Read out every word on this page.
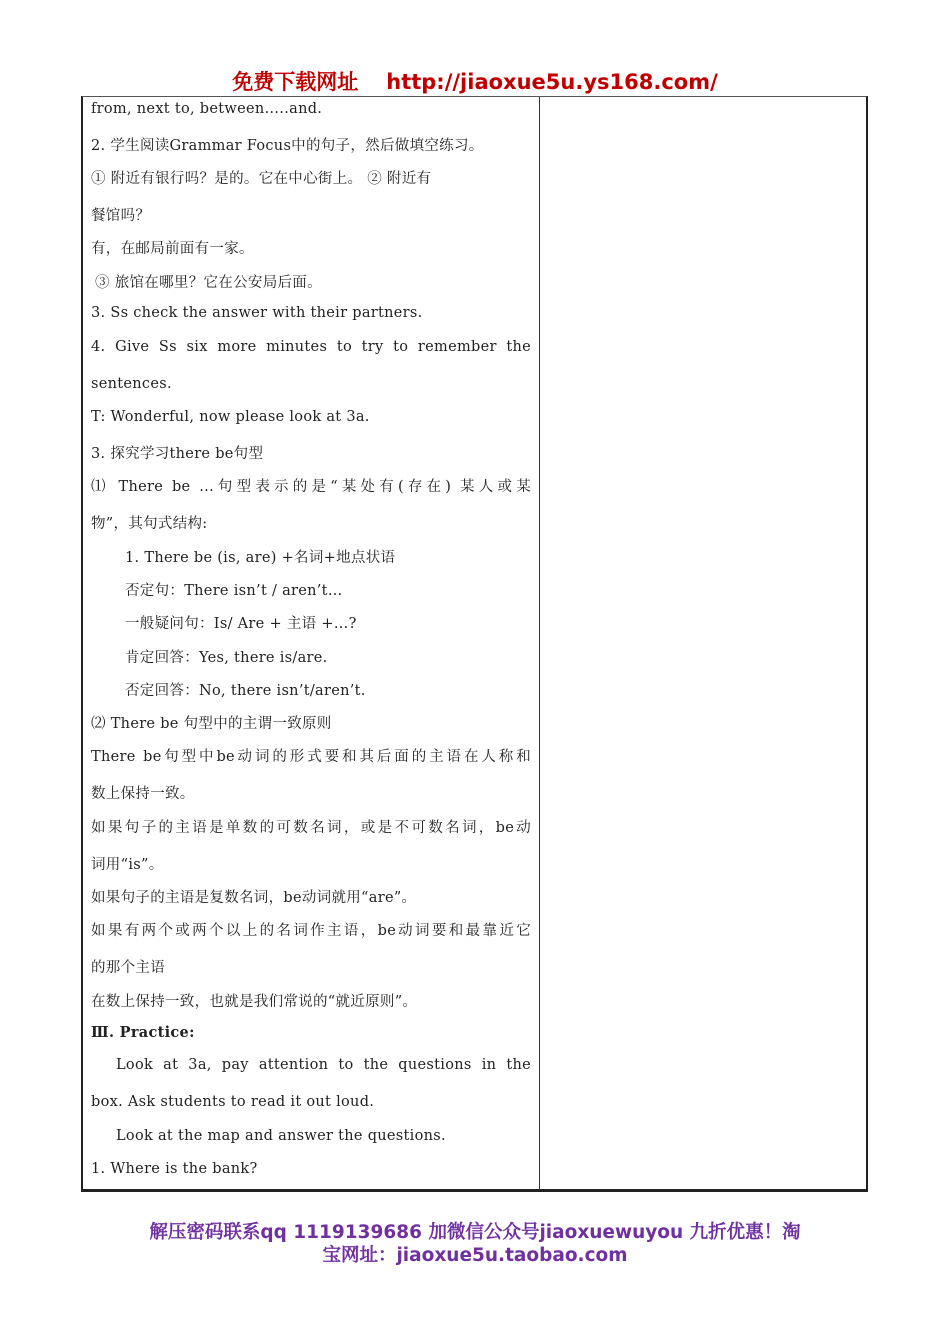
免费下载网址 http://jiaoxue5u.ys168.com/
from, next to, between…..and.
2. 学生阅读Grammar Focus中的句子，然后做填空练习。
① 附近有银行吗？是的。它在中心街上。 ② 附近有
餐馆吗？
有，在邮局前面有一家。
③ 旅馆在哪里？它在公安局后面。
3. Ss check the answer with their partners.
4. Give Ss six more minutes to try to remember the
sentences.
T: Wonderful, now please look at 3a.
3. 探究学习there be句型
⑴ There be ...句型表示的是“某处有(存在) 某人或某
物”，其句式结构:
1. There be (is, are) +名词+地点状语
否定句：There isn’t / aren’t…
一般疑问句：Is/ Are + 主语 +…?
肯定回答：Yes, there is/are.
否定回答：No, there isn’t/aren’t.
⑵ There be 句型中的主谓一致原则
There be句型中be动词的形式要和其后面的主语在人称和
数上保持一致。
如果句子的主语是单数的可数名词，或是不可数名词，be动
词用“is”。
如果句子的主语是复数名词，be动词就用“are”。
如果有两个或两个以上的名词作主语，be动词要和最靠近它
的那个主语
在数上保持一致，也就是我们常说的“就近原则”。
Ⅲ. Practice:
Look at 3a, pay attention to the questions in the
box. Ask students to read it out loud.
Look at the map and answer the questions.
1. Where is the bank?
解压密码联系qq 1119139686 加微信公众号jiaoxuewuyou 九折优惠！淘
宝网址：jiaoxue5u.taobao.com
